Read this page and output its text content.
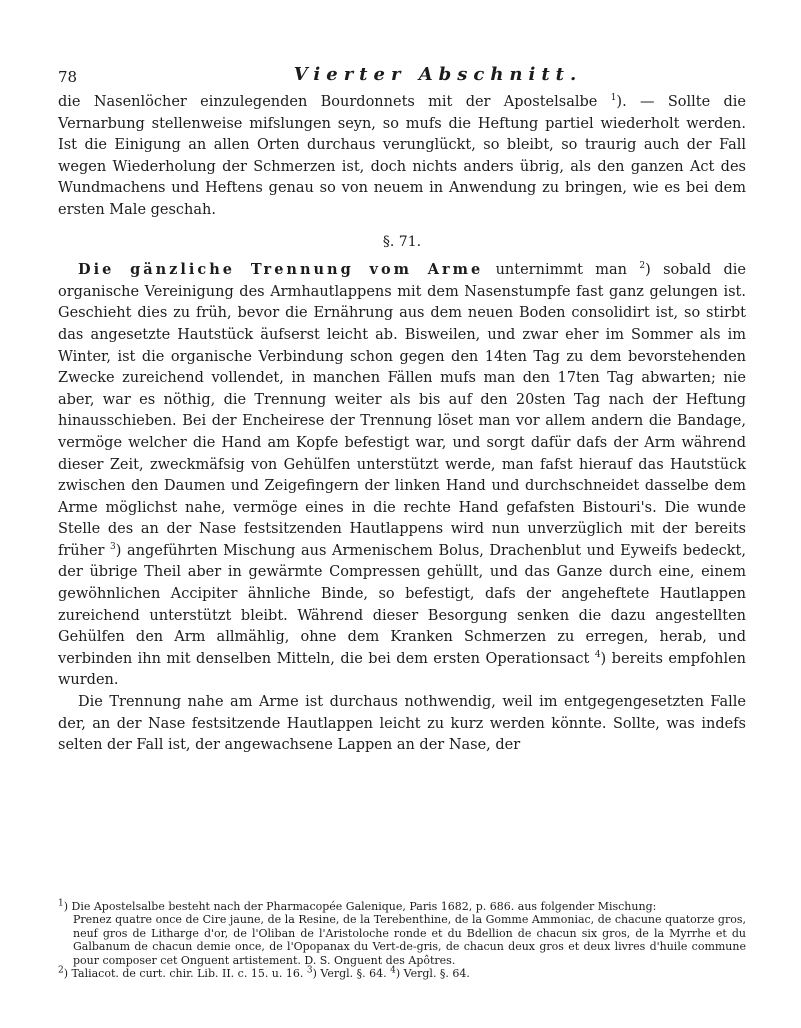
78	Vierter Abschnitt.

die Nasenlöcher einzulegenden Bourdonnets mit der Apostelsalbe $^1$). — Sollte die Vernarbung stellenweise mifslungen seyn, so mufs die Heftung partiel wiederholt werden. Ist die Einigung an allen Orten durchaus verunglückt, so bleibt, so traurig auch der Fall wegen Wiederholung der Schmerzen ist, doch nichts anders übrig, als den ganzen Act des Wundmachens und Heftens genau so von neuem in Anwendung zu bringen, wie es bei dem ersten Male geschah.

§. 71.

Die gänzliche Trennung vom Arme unternimmt man $^2$) sobald die organische Vereinigung des Armhautlappens mit dem Nasenstumpfe fast ganz gelungen ist. Geschieht dies zu früh, bevor die Ernährung aus dem neuen Boden consolidirt ist, so stirbt das angesetzte Hautstück äufserst leicht ab. Bisweilen, und zwar eher im Sommer als im Winter, ist die organische Verbindung schon gegen den 14ten Tag zu dem bevorstehenden Zwecke zureichend vollendet, in manchen Fällen mufs man den 17ten Tag abwarten; nie aber, war es nöthig, die Trennung weiter als bis auf den 20sten Tag nach der Heftung hinausschieben. Bei der Encheirese der Trennung löset man vor allem andern die Bandage, vermöge welcher die Hand am Kopfe befestigt war, und sorgt dafür dafs der Arm während dieser Zeit, zweckmäfsig von Gehülfen unterstützt werde, man fafst hierauf das Hautstück zwischen den Daumen und Zeigefingern der linken Hand und durchschneidet dasselbe dem Arme möglichst nahe, vermöge eines in die rechte Hand gefafsten Bistouri's. Die wunde Stelle des an der Nase festsitzenden Hautlappens wird nun unverzüglich mit der bereits früher $^3$) angeführten Mischung aus Armenischem Bolus, Drachenblut und Eyweifs bedeckt, der übrige Theil aber in gewärmte Compressen gehüllt, und das Ganze durch eine, einem gewöhnlichen Accipiter ähnliche Binde, so befestigt, dafs der angeheftete Hautlappen zureichend unterstützt bleibt. Während dieser Besorgung senken die dazu angestellten Gehülfen den Arm allmählig, ohne dem Kranken Schmerzen zu erregen, herab, und verbinden ihn mit denselben Mitteln, die bei dem ersten Operationsact $^4$) bereits empfohlen wurden.

Die Trennung nahe am Arme ist durchaus nothwendig, weil im entgegengesetzten Falle der, an der Nase festsitzende Hautlappen leicht zu kurz werden könnte. Sollte, was indefs selten der Fall ist, der angewachsene Lappen an der Nase, der

$^1$) Die Apostelsalbe besteht nach der Pharmacopée Galenique, Paris 1682, p. 686. aus folgender Mischung:

Prenez quatre once de Cire jaune, de la Resine, de la Terebenthine, de la Gomme Ammoniac, de chacune quatorze gros, neuf gros de Litharge d'or, de l'Oliban de l'Aristoloche ronde et du Bdellion de chacun six gros, de la Myrrhe et du Galbanum de chacun demie once, de l'Opopanax du Vert-de-gris, de chacun deux gros et deux livres d'huile commune pour composer cet Onguent artistement. D. S. Onguent des Apôtres.

$^2$) Taliacot. de curt. chir. Lib. II. c. 15. u. 16. $^3$) Vergl. §. 64. $^4$) Vergl. §. 64.
